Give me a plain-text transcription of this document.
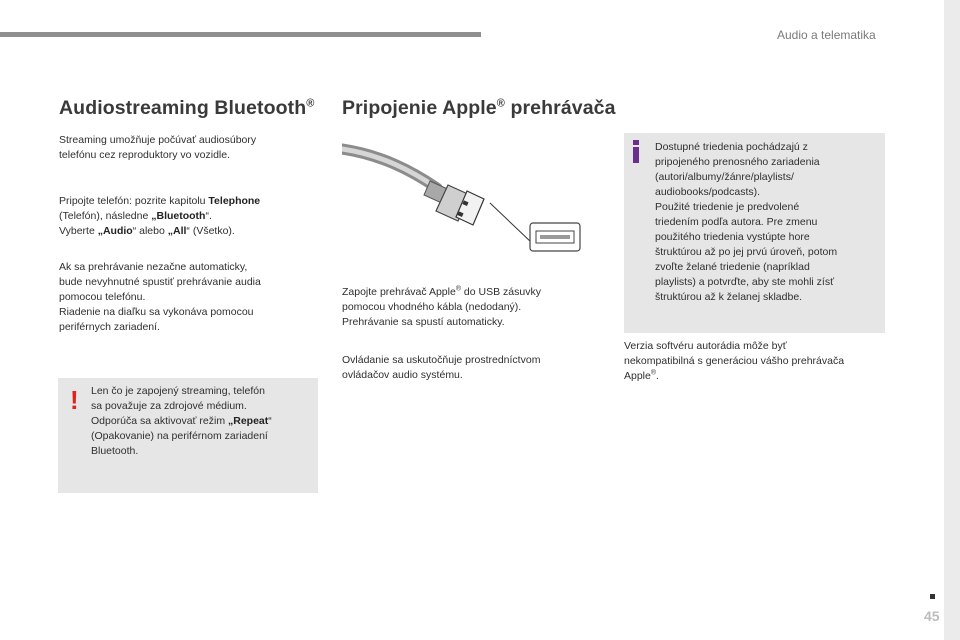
Audio a telematika
Audiostreaming Bluetooth®
Streaming umožňuje počúvať audiosúbory
telefónu cez reproduktory vo vozidle.
Pripojte telefón: pozrite kapitolu Telephone
(Telefón), následne „Bluetooth“.
Vyberte „Audio“ alebo „All“ (Všetko).
Ak sa prehrávanie nezačne automaticky,
bude nevyhnutné spustiť prehrávanie audia
pomocou telefónu.
Riadenie na diaľku sa vykonáva pomocou
periférnych zariadení.
! Len čo je zapojený streaming, telefón
sa považuje za zdrojové médium.
Odporúča sa aktivovať režim „Repeat“
(Opakovanie) na periférnom zariadení
Bluetooth.
Pripojenie Apple® prehrávača
Zapojte prehrávač Apple® do USB zásuvky
pomocou vhodného kábla (nedodaný).
Prehrávanie sa spustí automaticky.
Ovládanie sa uskutočňuje prostredníctvom
ovládačov audio systému.
Dostupné triedenia pochádzajú z
pripojeného prenosného zariadenia
(autori/albumy/žánre/playlists/
audiobooks/podcasts).
Použité triedenie je predvolené
triedením podľa autora. Pre zmenu
použitého triedenia vystúpte hore
štruktúrou až po jej prvú úroveň, potom
zvoľte želané triedenie (napríklad
playlists) a potvrďte, aby ste mohli zísť
štruktúrou až k želanej skladbe.
Verzia softvéru autorádia môže byť
nekompatibilná s generáciou vášho prehrávača
Apple®.
45
